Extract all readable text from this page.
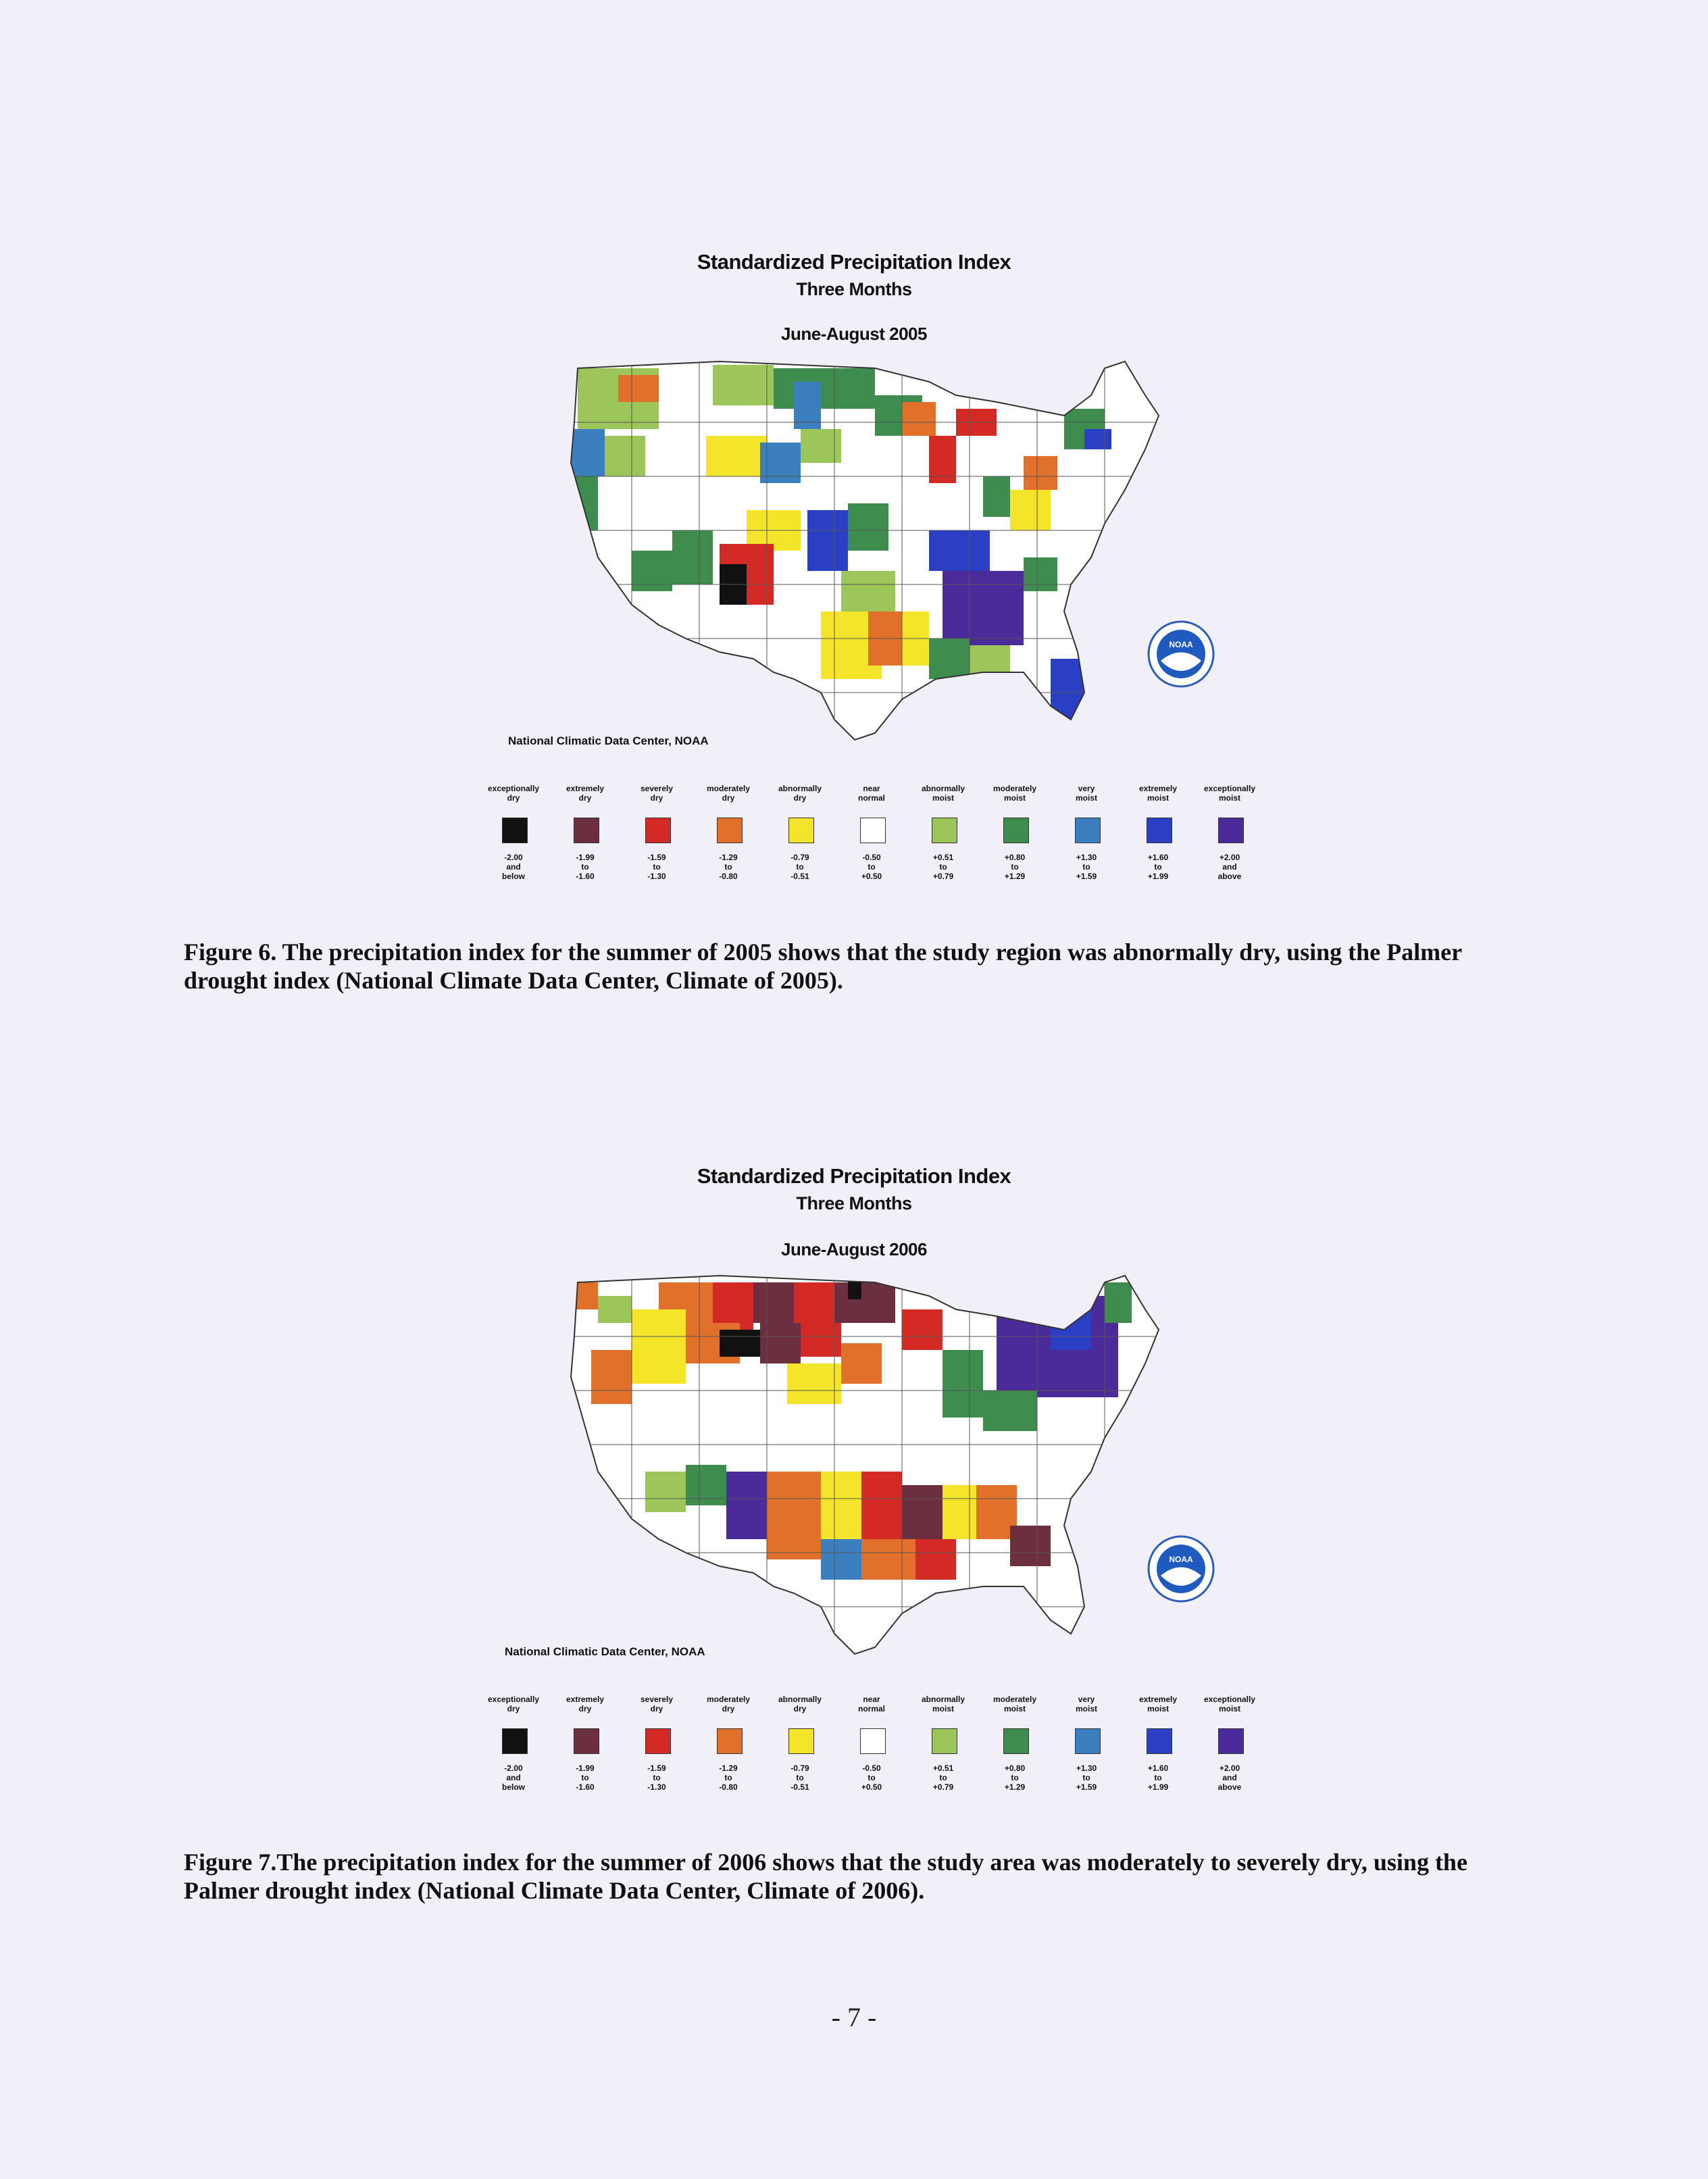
Standardized Precipitation Index
Three Months
June-August 2005
NOAA
National Climatic Data Center, NOAA
exceptionally
dry
-2.00
and
below
extremely
dry
-1.99
to
-1.60
severely
dry
-1.59
to
-1.30
moderately
dry
-1.29
to
-0.80
abnormally
dry
-0.79
to
-0.51
near
normal
-0.50
to
+0.50
abnormally
moist
+0.51
to
+0.79
moderately
moist
+0.80
to
+1.29
very
moist
+1.30
to
+1.59
extremely
moist
+1.60
to
+1.99
exceptionally
moist
+2.00
and
above
Figure 6. The precipitation index for the summer of 2005 shows that the study region was abnormally dry, using the Palmer drought index (National Climate Data Center, Climate of 2005).
Standardized Precipitation Index
Three Months
June-August 2006
NOAA
National Climatic Data Center, NOAA
exceptionally
dry
-2.00
and
below
extremely
dry
-1.99
to
-1.60
severely
dry
-1.59
to
-1.30
moderately
dry
-1.29
to
-0.80
abnormally
dry
-0.79
to
-0.51
near
normal
-0.50
to
+0.50
abnormally
moist
+0.51
to
+0.79
moderately
moist
+0.80
to
+1.29
very
moist
+1.30
to
+1.59
extremely
moist
+1.60
to
+1.99
exceptionally
moist
+2.00
and
above
Figure 7.The precipitation index for the summer of 2006 shows that the study area was moderately to severely dry, using the Palmer drought index (National Climate Data Center, Climate of 2006).
- 7 -
